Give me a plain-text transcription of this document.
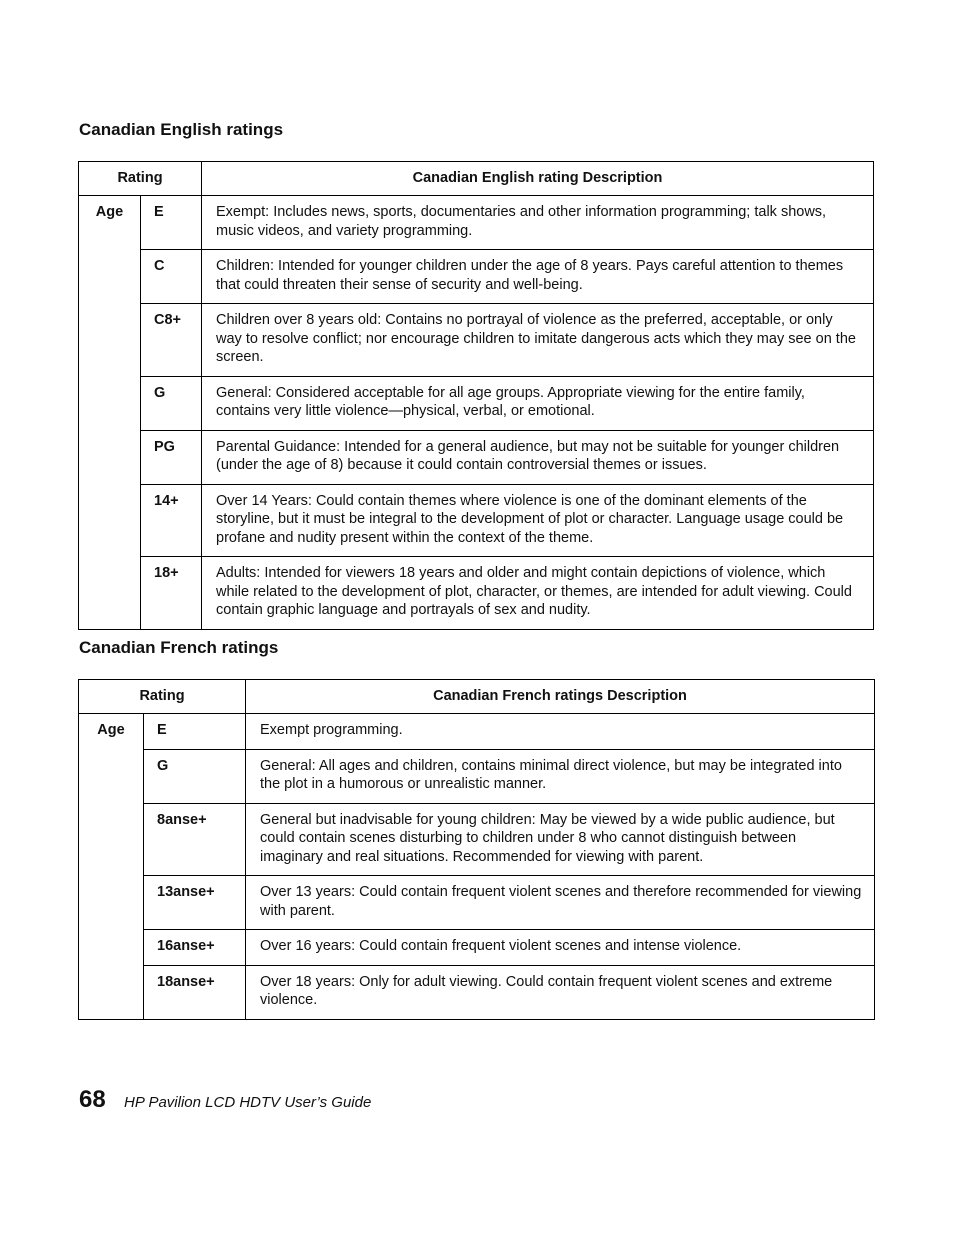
Canadian English ratings
Rating		Canadian English rating Description
Age	E	Exempt: Includes news, sports, documentaries and other information programming; talk shows, music videos, and variety programming.
	C	Children: Intended for younger children under the age of 8 years. Pays careful attention to themes that could threaten their sense of security and well-being.
	C8+	Children over 8 years old: Contains no portrayal of violence as the preferred, acceptable, or only way to resolve conflict; nor encourage children to imitate dangerous acts which they may see on the screen.
	G	General: Considered acceptable for all age groups. Appropriate viewing for the entire family, contains very little violence—physical, verbal, or emotional.
	PG	Parental Guidance: Intended for a general audience, but may not be suitable for younger children (under the age of 8) because it could contain controversial themes or issues.
	14+	Over 14 Years: Could contain themes where violence is one of the dominant elements of the storyline, but it must be integral to the development of plot or character. Language usage could be profane and nudity present within the context of the theme.
	18+	Adults: Intended for viewers 18 years and older and might contain depictions of violence, which while related to the development of plot, character, or themes, are intended for adult viewing. Could contain graphic language and portrayals of sex and nudity.
Canadian French ratings
Rating		Canadian French ratings Description
Age	E	Exempt programming.
	G	General: All ages and children, contains minimal direct violence, but may be integrated into the plot in a humorous or unrealistic manner.
	8anse+	General but inadvisable for young children: May be viewed by a wide public audience, but could contain scenes disturbing to children under 8 who cannot distinguish between imaginary and real situations. Recommended for viewing with parent.
	13anse+	Over 13 years: Could contain frequent violent scenes and therefore recommended for viewing with parent.
	16anse+	Over 16 years: Could contain frequent violent scenes and intense violence.
	18anse+	Over 18 years: Only for adult viewing. Could contain frequent violent scenes and extreme violence.

68 HP Pavilion LCD HDTV User’s Guide
